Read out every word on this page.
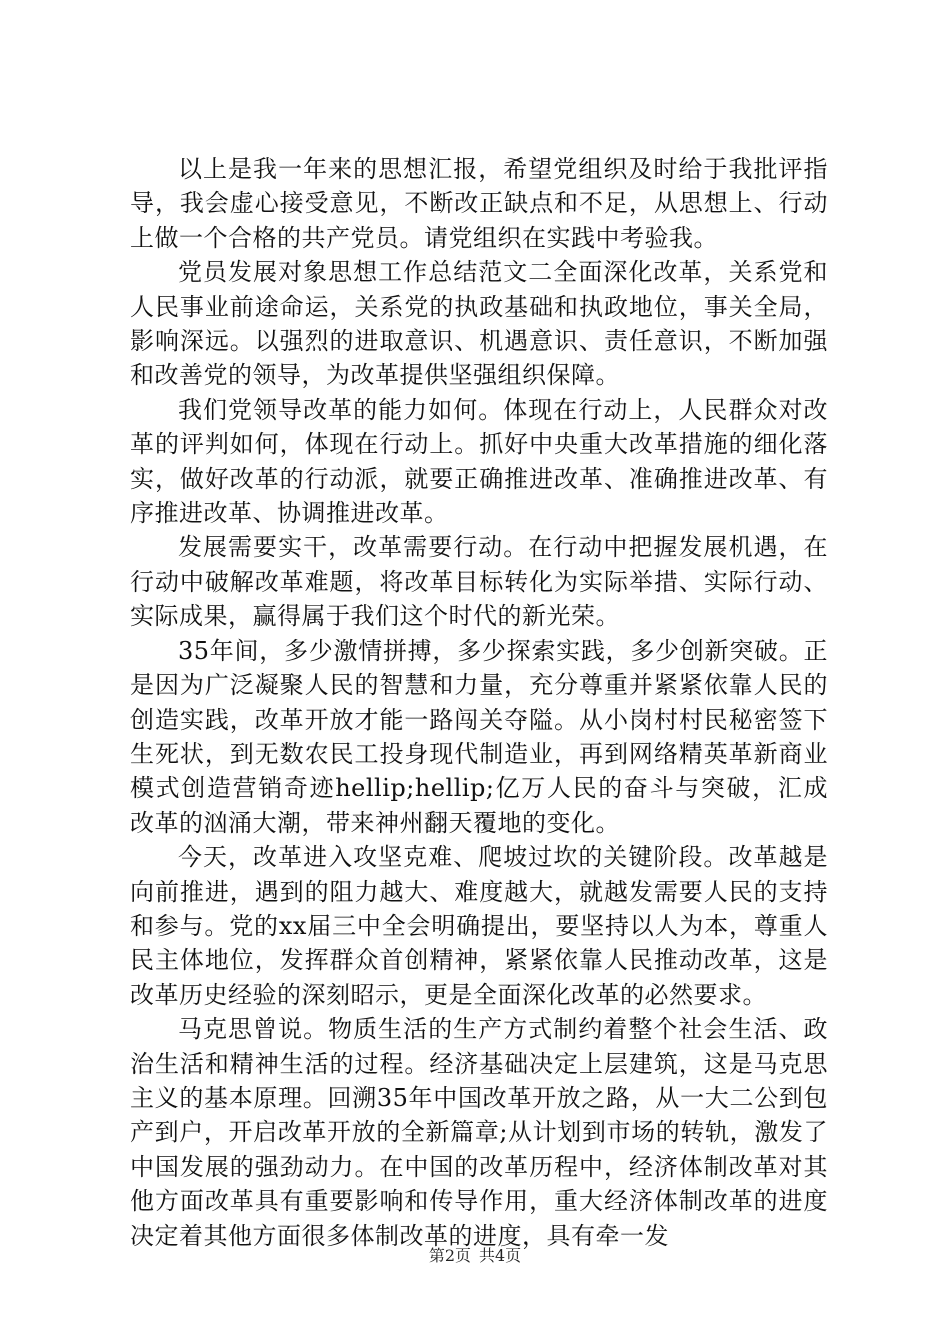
以上是我一年来的思想汇报，希望党组织及时给于我批评指导，我会虚心接受意见，不断改正缺点和不足，从思想上、行动上做一个合格的共产党员。请党组织在实践中考验我。

党员发展对象思想工作总结范文二全面深化改革，关系党和人民事业前途命运，关系党的执政基础和执政地位，事关全局，影响深远。以强烈的进取意识、机遇意识、责任意识，不断加强和改善党的领导，为改革提供坚强组织保障。

我们党领导改革的能力如何。体现在行动上，人民群众对改革的评判如何，体现在行动上。抓好中央重大改革措施的细化落实，做好改革的行动派，就要正确推进改革、准确推进改革、有序推进改革、协调推进改革。

发展需要实干，改革需要行动。在行动中把握发展机遇，在行动中破解改革难题，将改革目标转化为实际举措、实际行动、实际成果，赢得属于我们这个时代的新光荣。

35年间，多少激情拼搏，多少探索实践，多少创新突破。正是因为广泛凝聚人民的智慧和力量，充分尊重并紧紧依靠人民的创造实践，改革开放才能一路闯关夺隘。从小岗村村民秘密签下生死状，到无数农民工投身现代制造业，再到网络精英革新商业模式创造营销奇迹hellip;hellip;亿万人民的奋斗与突破，汇成改革的汹涌大潮，带来神州翻天覆地的变化。

今天，改革进入攻坚克难、爬坡过坎的关键阶段。改革越是向前推进，遇到的阻力越大、难度越大，就越发需要人民的支持和参与。党的xx届三中全会明确提出，要坚持以人为本，尊重人民主体地位，发挥群众首创精神，紧紧依靠人民推动改革，这是改革历史经验的深刻昭示，更是全面深化改革的必然要求。

马克思曾说。物质生活的生产方式制约着整个社会生活、政治生活和精神生活的过程。经济基础决定上层建筑，这是马克思主义的基本原理。回溯35年中国改革开放之路，从一大二公到包产到户，开启改革开放的全新篇章;从计划到市场的转轨，激发了中国发展的强劲动力。在中国的改革历程中，经济体制改革对其他方面改革具有重要影响和传导作用，重大经济体制改革的进度决定着其他方面很多体制改革的进度，具有牵一发

第2页 共4页
